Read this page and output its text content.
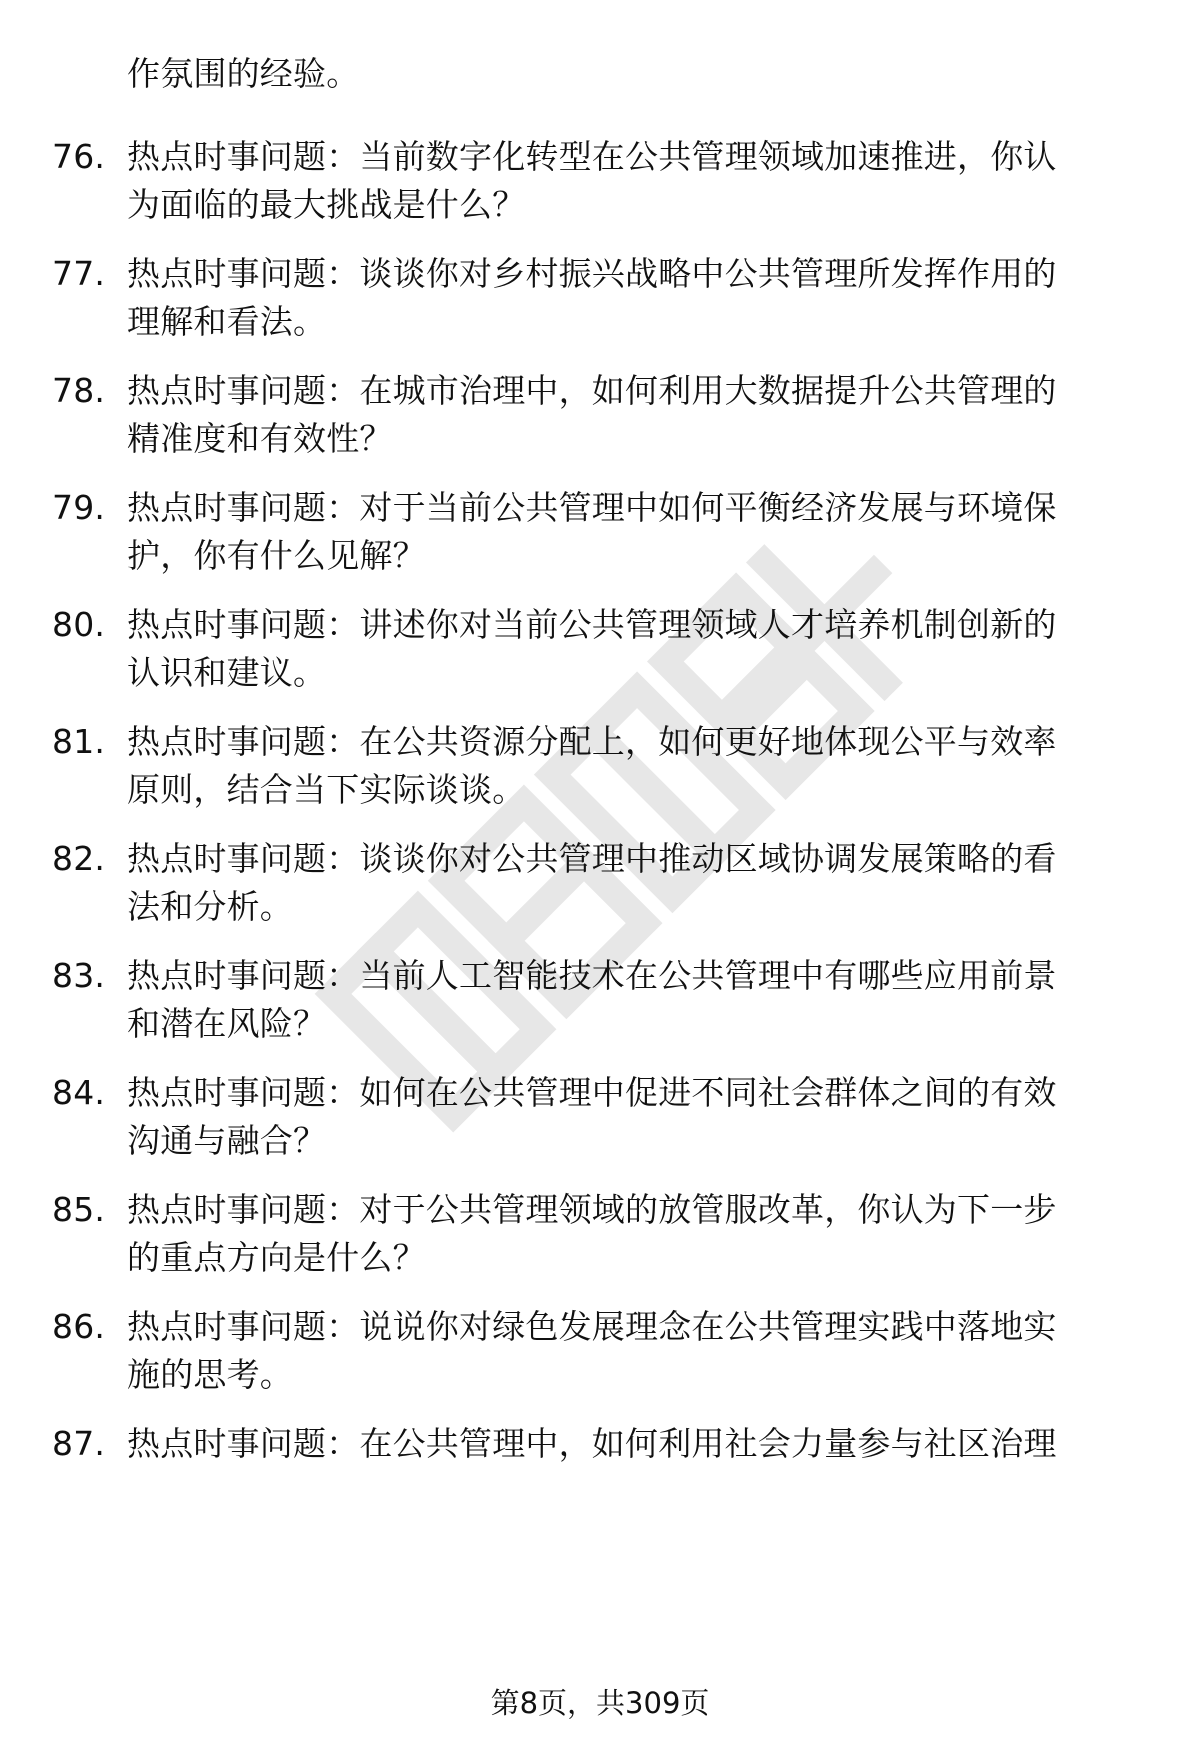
作氛围的经验。
76. 热点时事问题：当前数字化转型在公共管理领域加速推进，你认
为面临的最大挑战是什么？
77. 热点时事问题：谈谈你对乡村振兴战略中公共管理所发挥作用的
理解和看法。
78. 热点时事问题：在城市治理中，如何利用大数据提升公共管理的
精准度和有效性？
79. 热点时事问题：对于当前公共管理中如何平衡经济发展与环境保
护，你有什么见解？
80. 热点时事问题：讲述你对当前公共管理领域人才培养机制创新的
认识和建议。
81. 热点时事问题：在公共资源分配上，如何更好地体现公平与效率
原则，结合当下实际谈谈。
82. 热点时事问题：谈谈你对公共管理中推动区域协调发展策略的看
法和分析。
83. 热点时事问题：当前人工智能技术在公共管理中有哪些应用前景
和潜在风险？
84. 热点时事问题：如何在公共管理中促进不同社会群体之间的有效
沟通与融合？
85. 热点时事问题：对于公共管理领域的放管服改革，你认为下一步
的重点方向是什么？
86. 热点时事问题：说说你对绿色发展理念在公共管理实践中落地实
施的思考。
87. 热点时事问题：在公共管理中，如何利用社会力量参与社区治理
第8页，共309页
